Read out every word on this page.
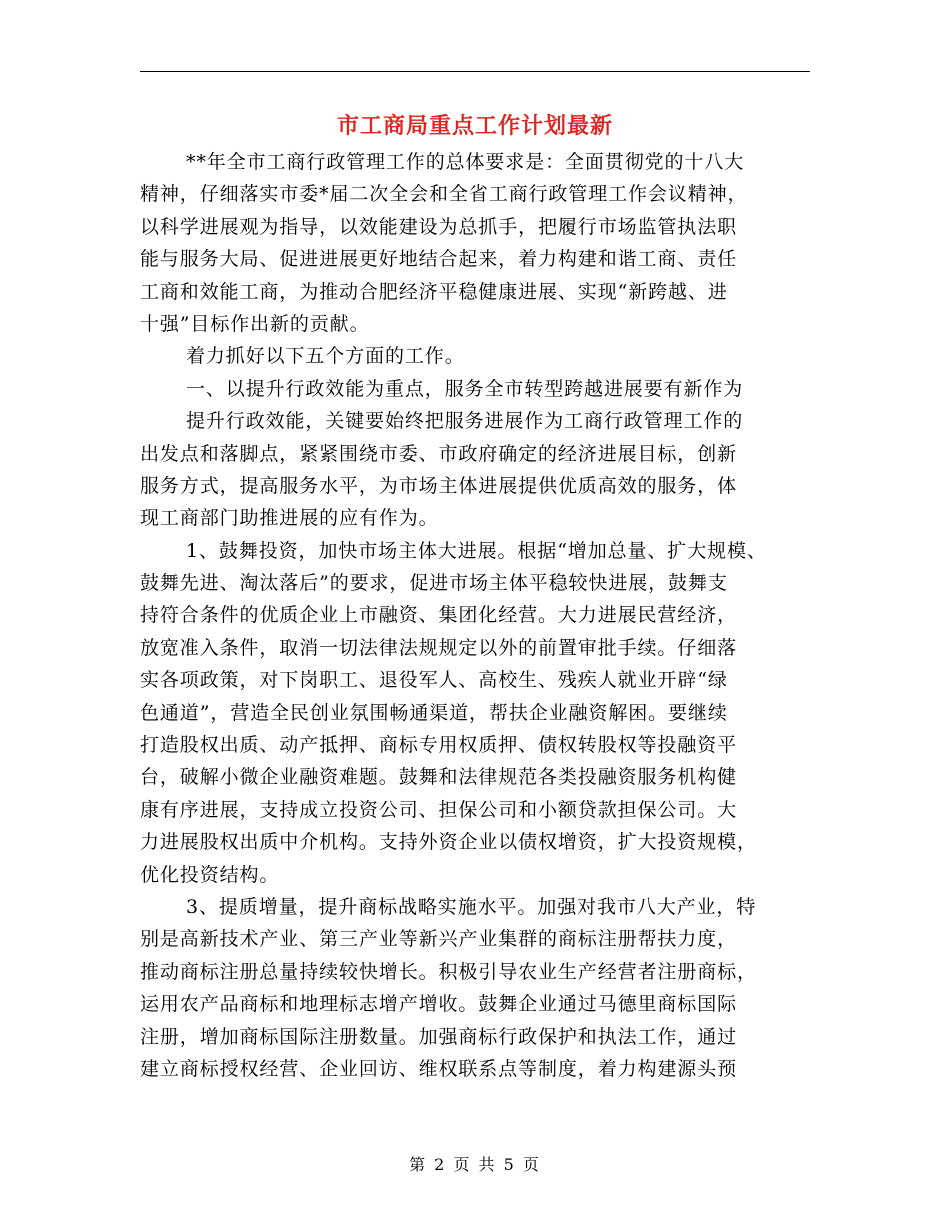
市工商局重点工作计划最新
**年全市工商行政管理工作的总体要求是：全面贯彻党的十八大
精神，仔细落实市委*届二次全会和全省工商行政管理工作会议精神，
以科学进展观为指导，以效能建设为总抓手，把履行市场监管执法职
能与服务大局、促进进展更好地结合起来，着力构建和谐工商、责任
工商和效能工商，为推动合肥经济平稳健康进展、实现“新跨越、进
十强”目标作出新的贡献。
着力抓好以下五个方面的工作。
一、以提升行政效能为重点，服务全市转型跨越进展要有新作为
提升行政效能，关键要始终把服务进展作为工商行政管理工作的
出发点和落脚点，紧紧围绕市委、市政府确定的经济进展目标，创新
服务方式，提高服务水平，为市场主体进展提供优质高效的服务，体
现工商部门助推进展的应有作为。
1、鼓舞投资，加快市场主体大进展。根据“增加总量、扩大规模、
鼓舞先进、淘汰落后”的要求，促进市场主体平稳较快进展，鼓舞支
持符合条件的优质企业上市融资、集团化经营。大力进展民营经济，
放宽准入条件，取消一切法律法规规定以外的前置审批手续。仔细落
实各项政策，对下岗职工、退役军人、高校生、残疾人就业开辟“绿
色通道”，营造全民创业氛围畅通渠道，帮扶企业融资解困。要继续
打造股权出质、动产抵押、商标专用权质押、债权转股权等投融资平
台，破解小微企业融资难题。鼓舞和法律规范各类投融资服务机构健
康有序进展，支持成立投资公司、担保公司和小额贷款担保公司。大
力进展股权出质中介机构。支持外资企业以债权增资，扩大投资规模，
优化投资结构。
3、提质增量，提升商标战略实施水平。加强对我市八大产业，特
别是高新技术产业、第三产业等新兴产业集群的商标注册帮扶力度，
推动商标注册总量持续较快增长。积极引导农业生产经营者注册商标，
运用农产品商标和地理标志增产增收。鼓舞企业通过马德里商标国际
注册，增加商标国际注册数量。加强商标行政保护和执法工作，通过
建立商标授权经营、企业回访、维权联系点等制度，着力构建源头预
第 2 页 共 5 页
